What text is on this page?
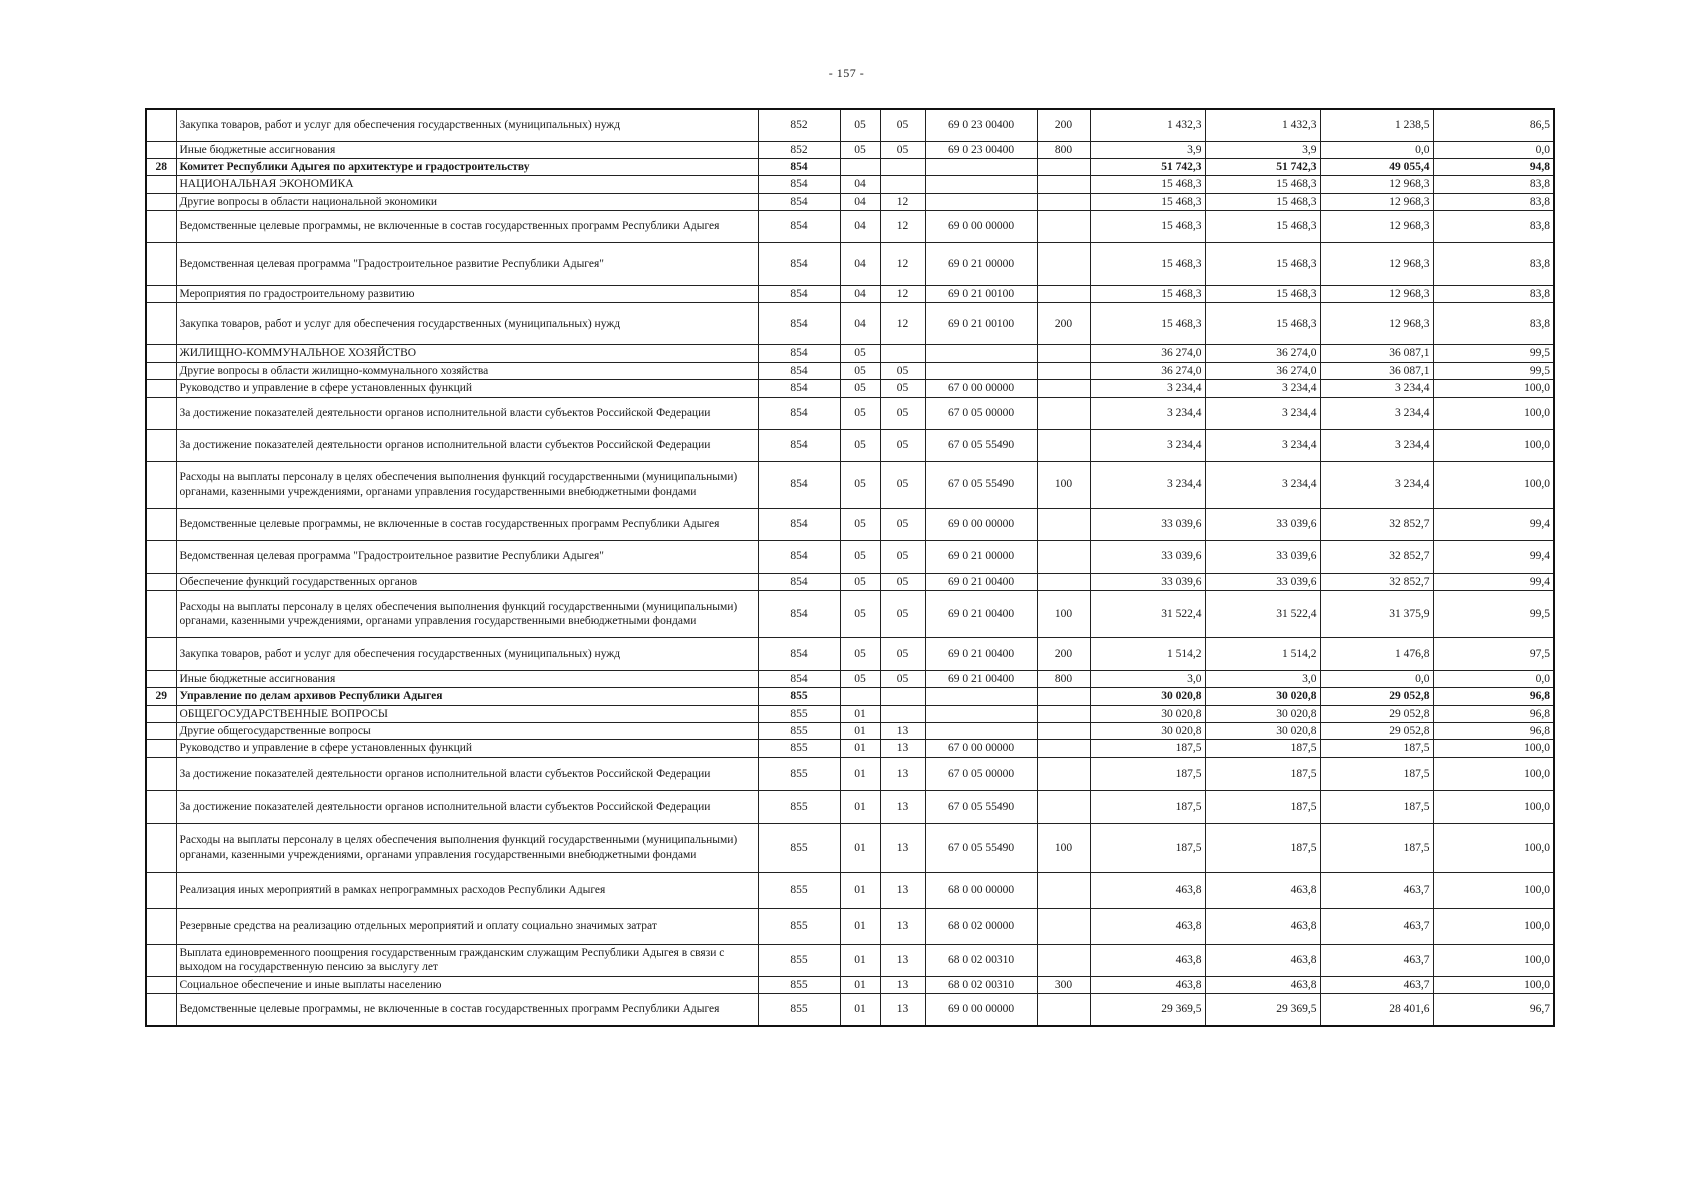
- 157 -
	Закупка товаров, работ и услуг для обеспечения государственных (муниципальных) нужд	852	05	05	69 0 23 00400	200	1 432,3	1 432,3	1 238,5	86,5
	Иные бюджетные ассигнования	852	05	05	69 0 23 00400	800	3,9	3,9	0,0	0,0
28	Комитет Республики Адыгея по архитектуре и градостроительству	854					51 742,3	51 742,3	49 055,4	94,8
	НАЦИОНАЛЬНАЯ ЭКОНОМИКА	854	04				15 468,3	15 468,3	12 968,3	83,8
	Другие вопросы в области национальной экономики	854	04	12			15 468,3	15 468,3	12 968,3	83,8
	Ведомственные целевые программы, не включенные в состав государственных программ Республики Адыгея	854	04	12	69 0 00 00000		15 468,3	15 468,3	12 968,3	83,8
	Ведомственная целевая программа "Градостроительное развитие Республики Адыгея"	854	04	12	69 0 21 00000		15 468,3	15 468,3	12 968,3	83,8
	Мероприятия по градостроительному развитию	854	04	12	69 0 21 00100		15 468,3	15 468,3	12 968,3	83,8
	Закупка товаров, работ и услуг для обеспечения государственных (муниципальных) нужд	854	04	12	69 0 21 00100	200	15 468,3	15 468,3	12 968,3	83,8
	ЖИЛИЩНО-КОММУНАЛЬНОЕ ХОЗЯЙСТВО	854	05				36 274,0	36 274,0	36 087,1	99,5
	Другие вопросы в области жилищно-коммунального хозяйства	854	05	05			36 274,0	36 274,0	36 087,1	99,5
	Руководство и управление в сфере установленных функций	854	05	05	67 0 00 00000		3 234,4	3 234,4	3 234,4	100,0
	За достижение показателей деятельности органов исполнительной власти субъектов Российской Федерации	854	05	05	67 0 05 00000		3 234,4	3 234,4	3 234,4	100,0
	За достижение показателей деятельности органов исполнительной власти субъектов Российской Федерации	854	05	05	67 0 05 55490		3 234,4	3 234,4	3 234,4	100,0
	Расходы на выплаты персоналу в целях обеспечения выполнения функций государственными (муниципальными) органами, казенными учреждениями, органами управления государственными внебюджетными фондами	854	05	05	67 0 05 55490	100	3 234,4	3 234,4	3 234,4	100,0
	Ведомственные целевые программы, не включенные в состав государственных программ Республики Адыгея	854	05	05	69 0 00 00000		33 039,6	33 039,6	32 852,7	99,4
	Ведомственная целевая программа "Градостроительное развитие Республики Адыгея"	854	05	05	69 0 21 00000		33 039,6	33 039,6	32 852,7	99,4
	Обеспечение функций государственных органов	854	05	05	69 0 21 00400		33 039,6	33 039,6	32 852,7	99,4
	Расходы на выплаты персоналу в целях обеспечения выполнения функций государственными (муниципальными) органами, казенными учреждениями, органами управления государственными внебюджетными фондами	854	05	05	69 0 21 00400	100	31 522,4	31 522,4	31 375,9	99,5
	Закупка товаров, работ и услуг для обеспечения государственных (муниципальных) нужд	854	05	05	69 0 21 00400	200	1 514,2	1 514,2	1 476,8	97,5
	Иные бюджетные ассигнования	854	05	05	69 0 21 00400	800	3,0	3,0	0,0	0,0
29	Управление по делам архивов Республики Адыгея	855					30 020,8	30 020,8	29 052,8	96,8
	ОБЩЕГОСУДАРСТВЕННЫЕ ВОПРОСЫ	855	01				30 020,8	30 020,8	29 052,8	96,8
	Другие общегосударственные вопросы	855	01	13			30 020,8	30 020,8	29 052,8	96,8
	Руководство и управление в сфере установленных функций	855	01	13	67 0 00 00000		187,5	187,5	187,5	100,0
	За достижение показателей деятельности органов исполнительной власти субъектов Российской Федерации	855	01	13	67 0 05 00000		187,5	187,5	187,5	100,0
	За достижение показателей деятельности органов исполнительной власти субъектов Российской Федерации	855	01	13	67 0 05 55490		187,5	187,5	187,5	100,0
	Расходы на выплаты персоналу в целях обеспечения выполнения функций государственными (муниципальными) органами, казенными учреждениями, органами управления государственными внебюджетными фондами	855	01	13	67 0 05 55490	100	187,5	187,5	187,5	100,0
	Реализация иных мероприятий в рамках непрограммных расходов Республики Адыгея	855	01	13	68 0 00 00000		463,8	463,8	463,7	100,0
	Резервные средства на реализацию отдельных мероприятий и оплату социально значимых затрат	855	01	13	68 0 02 00000		463,8	463,8	463,7	100,0
	Выплата единовременного поощрения государственным гражданским служащим Республики Адыгея в связи с выходом на государственную пенсию за выслугу лет	855	01	13	68 0 02 00310		463,8	463,8	463,7	100,0
	Социальное обеспечение и иные выплаты населению	855	01	13	68 0 02 00310	300	463,8	463,8	463,7	100,0
	Ведомственные целевые программы, не включенные в состав государственных программ Республики Адыгея	855	01	13	69 0 00 00000		29 369,5	29 369,5	28 401,6	96,7
